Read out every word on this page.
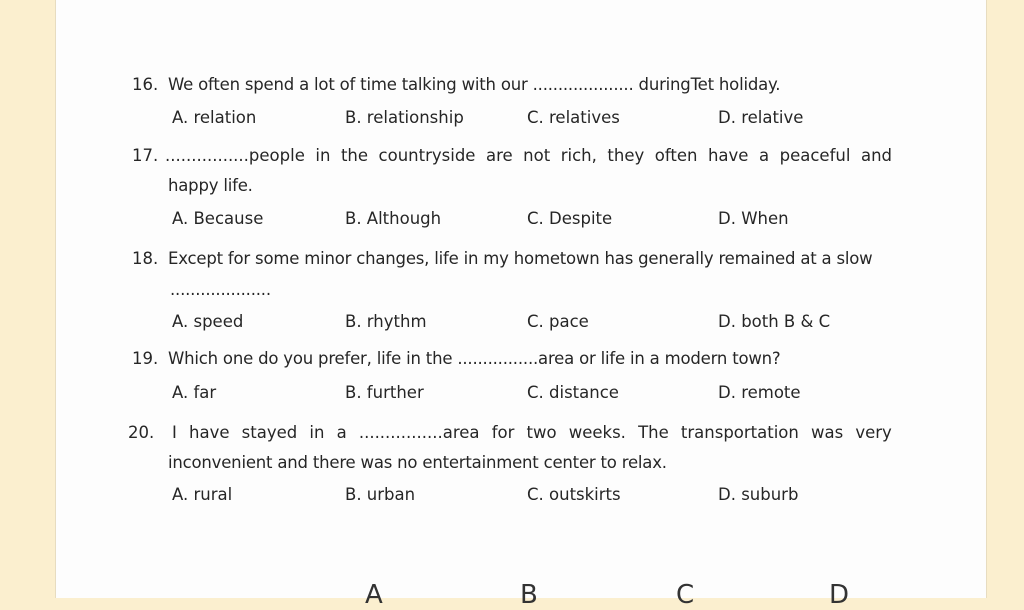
16. We often spend a lot of time talking with our .................... duringTet holiday.
A. relation	B. relationship	C. relatives	D. relative
17. ................people in the countryside are not rich, they often have a peaceful and
happy life.
A. Because	B. Although	C. Despite	D. When
18. Except for some minor changes, life in my hometown has generally remained at a slow
....................
A. speed	B. rhythm	C. pace	D. both B & C
19. Which one do you prefer, life in the ................area or life in a modern town?
A. far	B. further	C. distance	D. remote
20. I have stayed in a ................area for two weeks. The transportation was very
inconvenient and there was no entertainment center to relax.
A. rural	B. urban	C. outskirts	D. suburb
A	B	C	D
